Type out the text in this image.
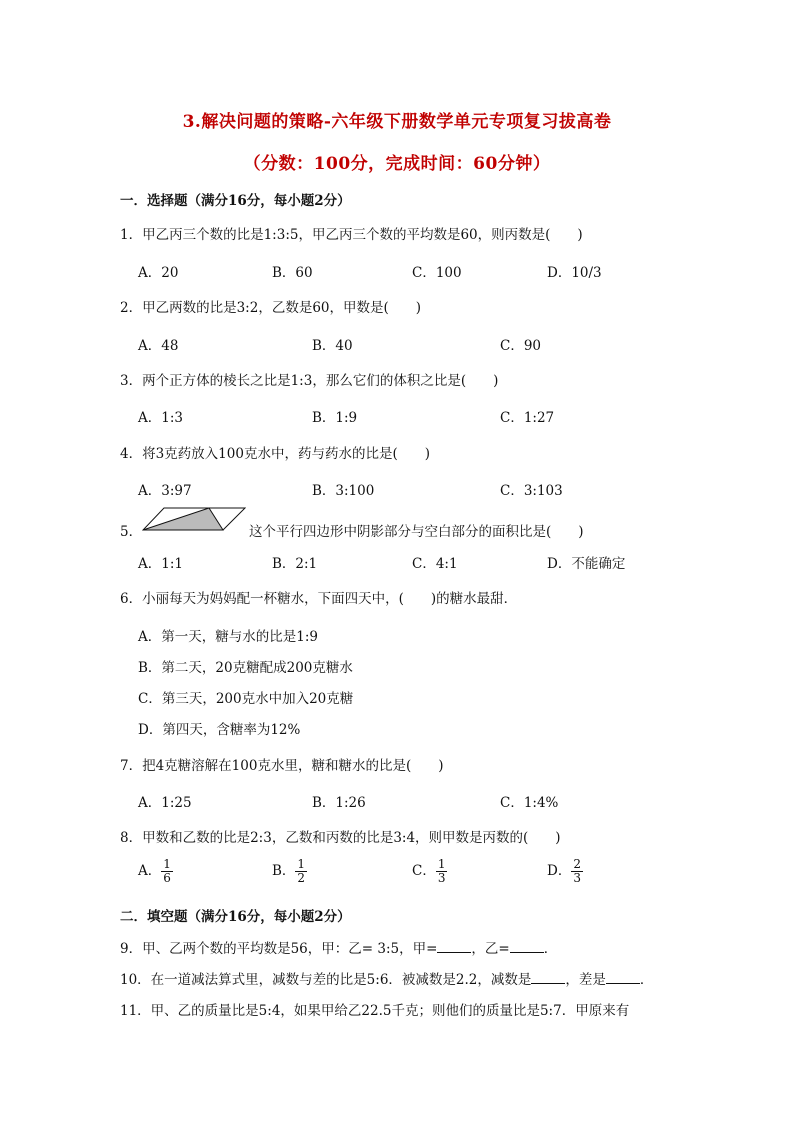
3.解决问题的策略-六年级下册数学单元专项复习拔高卷
（分数：100分，完成时间：60分钟）
一．选择题（满分16分，每小题2分）
1．甲乙丙三个数的比是1:3:5，甲乙丙三个数的平均数是60，则丙数是(　　)
A．20	B．60	C．100	D．10/3
2．甲乙两数的比是3:2，乙数是60，甲数是(　　)
A．48	B．40	C．90
3．两个正方体的棱长之比是1:3，那么它们的体积之比是(　　)
A．1:3	B．1:9	C．1:27
4．将3克药放入100克水中，药与药水的比是(　　)
A．3:97	B．3:100	C．3:103
5．	这个平行四边形中阴影部分与空白部分的面积比是(　　)
A．1:1	B．2:1	C．4:1	D．不能确定
6．小丽每天为妈妈配一杯糖水，下面四天中，(　　)的糖水最甜．
A．第一天，糖与水的比是1:9
B．第二天，20克糖配成200克糖水
C．第三天，200克水中加入20克糖
D．第四天，含糖率为12%
7．把4克糖溶解在100克水里，糖和糖水的比是(　　)
A．1:25	B．1:26	C．1:4%
8．甲数和乙数的比是2:3，乙数和丙数的比是3:4，则甲数是丙数的(　　)
A． $\frac{1}{6}$	B． $\frac{1}{2}$	C． $\frac{1}{3}$	D． $\frac{2}{3}$
二．填空题（满分16分，每小题2分）
9．甲、乙两个数的平均数是56，甲：乙= 3:5，甲=	，乙=	．
10．在一道减法算式里，减数与差的比是5:6．被减数是2.2，减数是	，差是	．
11．甲、乙的质量比是5:4，如果甲给乙22.5千克；则他们的质量比是5:7．甲原来有
